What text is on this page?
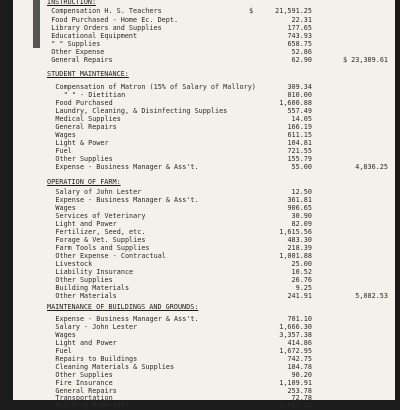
INSTRUCTION:
Compensation H. S. Teachers	$	21,591.25
Food Purchased - Home Ec. Dept.	22.31
Library Orders and Supplies	177.65
Educational Equipment	743.93
" " Supplies	658.75
Other Expense	52.86
General Repairs	62.90	$ 23,309.61
STUDENT MAINTENANCE:
Compensation of Matron (15% of Salary of Mallory)	309.34
" " - Dietitian	810.00
Food Purchased	1,600.88
Laundry, Cleaning, & Disinfecting Supplies	557.49
Medical Supplies	14.05
General Repairs	166.19
Wages	611.15
Light & Power	104.81
Fuel	721.55
Other Supplies	155.79
Expense - Business Manager & Ass't.	55.00	4,836.25
OPERATION OF FARM:
Salary of John Lester	12.50
Expense - Business Manager & Ass't.	361.81
Wages	906.65
Services of Veterinary	30.90
Light and Power	82.09
Fertilizer, Seed, etc.	1,615.56
Forage & Vet. Supplies	483.30
Farm Tools and Supplies	218.39
Other Expense - Contractual	1,001.88
Livestock	25.00
Liability Insurance	10.52
Other Supplies	26.76
Building Materials	9.25
Other Materials	241.91	5,082.53
MAINTENANCE OF BUILDINGS AND GROUNDS:
Expense - Business Manager & Ass't.	701.10
Salary - John Lester	1,666.30
Wages	3,357.38
Light and Power	414.86
Fuel	1,672.95
Repairs to Buildings	742.75
Cleaning Materials & Supplies	184.78
Other Supplies	90.20
Fire Insurance	1,109.91
General Repairs	253.78
Transportation	72.78
Building Materials	3,011.12
